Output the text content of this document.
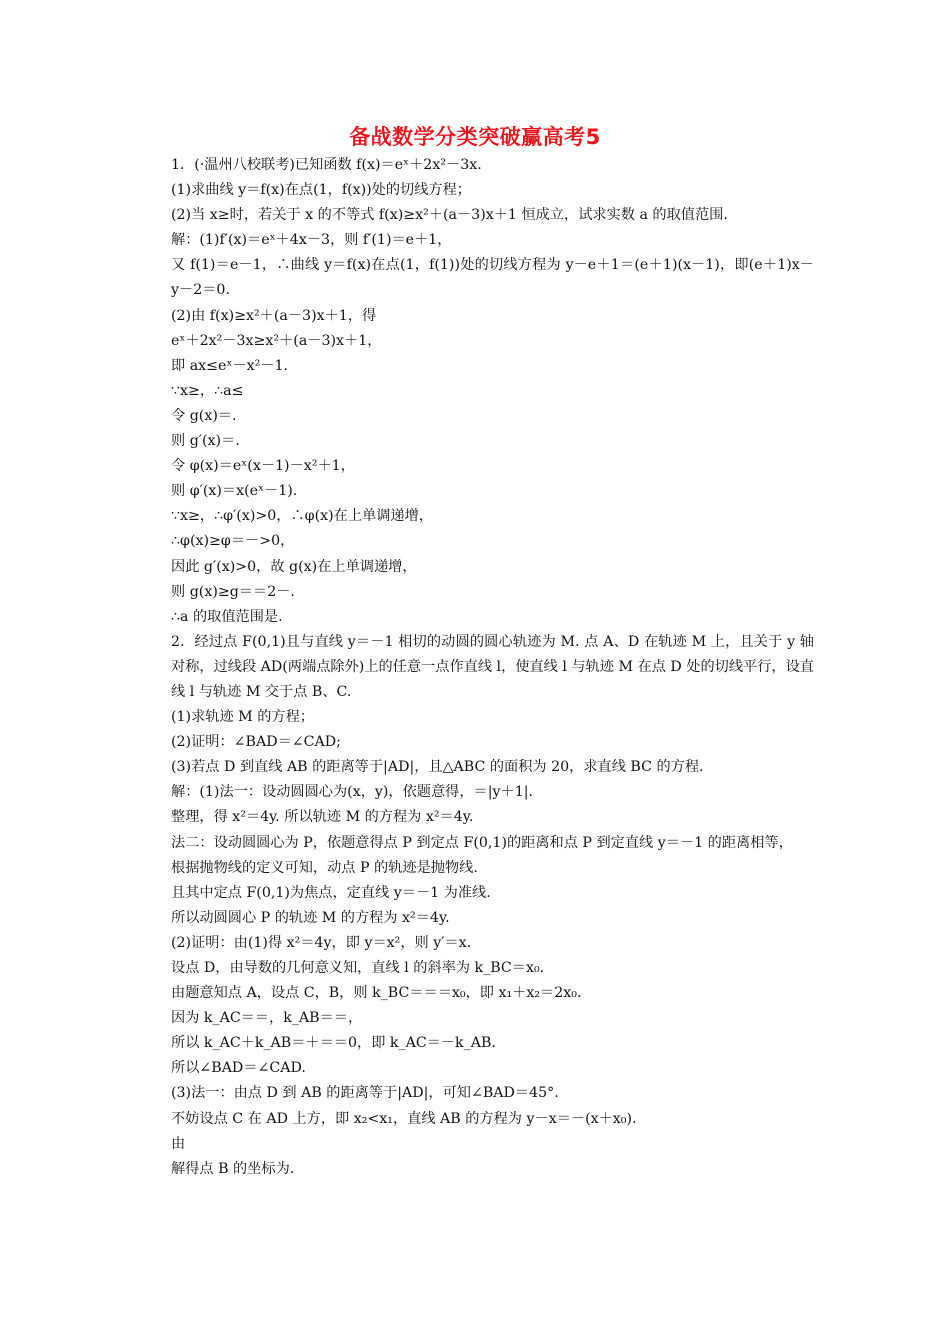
备战数学分类突破赢高考5
1．(·温州八校联考)已知函数 f(x)＝eˣ＋2x²－3x.
(1)求曲线 y＝f(x)在点(1，f(x))处的切线方程；
(2)当 x≥时，若关于 x 的不等式 f(x)≥x²＋(a－3)x＋1 恒成立，试求实数 a 的取值范围.
解：(1)f′(x)＝eˣ＋4x－3，则 f′(1)＝e＋1，
又 f(1)＝e－1，∴曲线 y＝f(x)在点(1，f(1))处的切线方程为 y－e＋1＝(e＋1)(x－1)，即(e＋1)x－y－2＝0.
(2)由 f(x)≥x²＋(a－3)x＋1，得
eˣ＋2x²－3x≥x²＋(a－3)x＋1，
即 ax≤eˣ－x²－1.
∵x≥，∴a≤
令 g(x)＝.
则 g′(x)＝.
令 φ(x)＝eˣ(x－1)－x²＋1，
则 φ′(x)＝x(eˣ－1).
∵x≥，∴φ′(x)>0，∴φ(x)在上单调递增，
∴φ(x)≥φ＝－>0，
因此 g′(x)>0，故 g(x)在上单调递增，
则 g(x)≥g＝＝2－.
∴a 的取值范围是.
2．经过点 F(0,1)且与直线 y＝－1 相切的动圆的圆心轨迹为 M. 点 A、D 在轨迹 M 上，且关于 y 轴对称，过线段 AD(两端点除外)上的任意一点作直线 l，使直线 l 与轨迹 M 在点 D 处的切线平行，设直线 l 与轨迹 M 交于点 B、C.
(1)求轨迹 M 的方程；
(2)证明：∠BAD＝∠CAD;
(3)若点 D 到直线 AB 的距离等于|AD|，且△ABC 的面积为 20，求直线 BC 的方程.
解：(1)法一：设动圆圆心为(x，y)，依题意得，＝|y＋1|.
整理，得 x²＝4y. 所以轨迹 M 的方程为 x²＝4y.
法二：设动圆圆心为 P，依题意得点 P 到定点 F(0,1)的距离和点 P 到定直线 y＝－1 的距离相等，
根据抛物线的定义可知，动点 P 的轨迹是抛物线.
且其中定点 F(0,1)为焦点，定直线 y＝－1 为准线.
所以动圆圆心 P 的轨迹 M 的方程为 x²＝4y.
(2)证明：由(1)得 x²＝4y，即 y＝x²，则 y′＝x.
设点 D，由导数的几何意义知，直线 l 的斜率为 k_BC＝x₀.
由题意知点 A，设点 C，B，则 k_BC＝＝＝x₀，即 x₁＋x₂＝2x₀.
因为 k_AC＝＝，k_AB＝＝，
所以 k_AC＋k_AB＝＋＝＝0，即 k_AC＝－k_AB.
所以∠BAD＝∠CAD.
(3)法一：由点 D 到 AB 的距离等于|AD|，可知∠BAD＝45°.
不妨设点 C 在 AD 上方，即 x₂<x₁，直线 AB 的方程为 y－x＝－(x＋x₀).
由
解得点 B 的坐标为.
